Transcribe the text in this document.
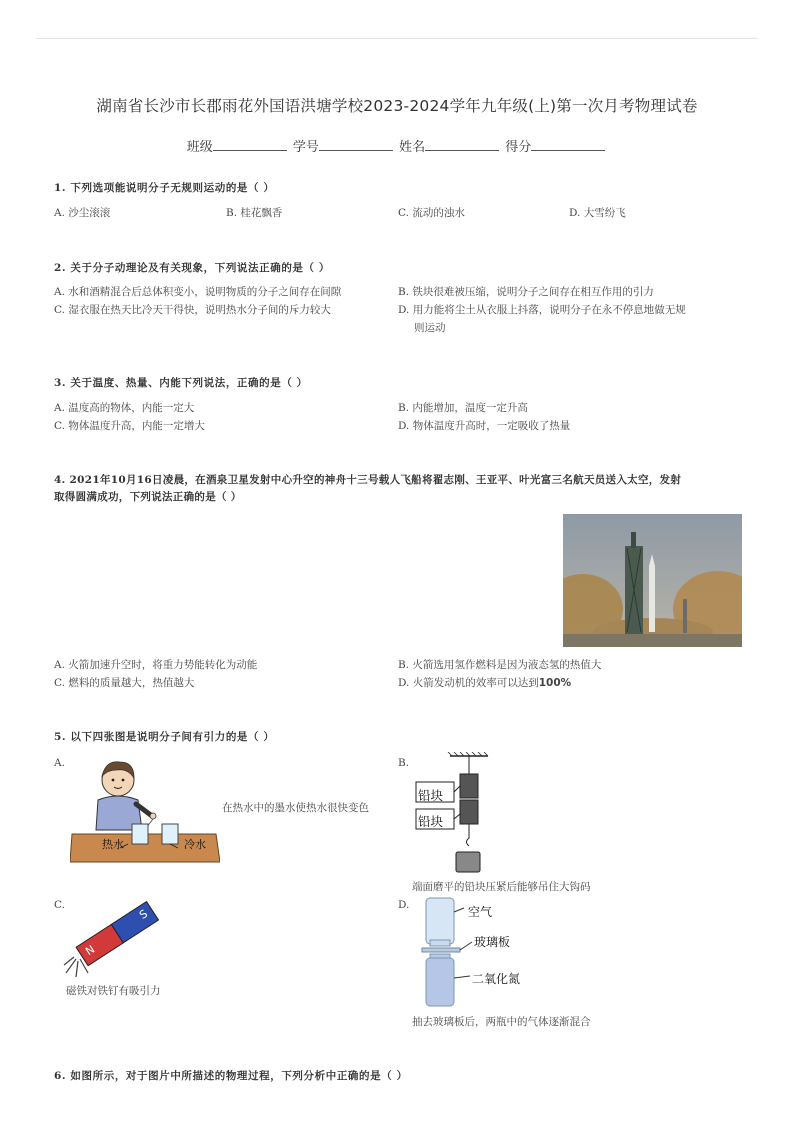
湖南省长沙市长郡雨花外国语洪塘学校2023-2024学年九年级(上)第一次月考物理试卷
班级	学号	姓名	得分
1. 下列选项能说明分子无规则运动的是（ ）
A. 沙尘滚滚	B. 桂花飘香	C. 流动的浊水	D. 大雪纷飞
2. 关于分子动理论及有关现象，下列说法正确的是（ ）
A. 水和酒精混合后总体积变小，说明物质的分子之间存在间隙	B. 铁块很难被压缩，说明分子之间存在相互作用的引力
C. 湿衣服在热天比冷天干得快，说明热水分子间的斥力较大	D. 用力能将尘土从衣服上抖落，说明分子在永不停息地做无规
则运动
3. 关于温度、热量、内能下列说法，正确的是（ ）
A. 温度高的物体，内能一定大	B. 内能增加，温度一定升高
C. 物体温度升高，内能一定增大	D. 物体温度升高时，一定吸收了热量
4. 2021年10月16日凌晨，在酒泉卫星发射中心升空的神舟十三号载人飞船将翟志刚、王亚平、叶光富三名航天员送入太空，发射
取得圆满成功，下列说法正确的是（ ）
A. 火箭加速升空时，将重力势能转化为动能	B. 火箭选用氢作燃料是因为液态氢的热值大
C. 燃料的质量越大，热值越大	D. 火箭发动机的效率可以达到100%
5. 以下四张图是说明分子间有引力的是（ ）
A.
热水	冷水
在热水中的墨水使热水很快变色
B.
铅块
铅块
端面磨平的铅块压紧后能够吊住大钩码
C.
N
S
磁铁对铁钉有吸引力
D.	空气
玻璃板
二氧化氮
抽去玻璃板后，两瓶中的气体逐渐混合
6. 如图所示，对于图片中所描述的物理过程，下列分析中正确的是（ ）
